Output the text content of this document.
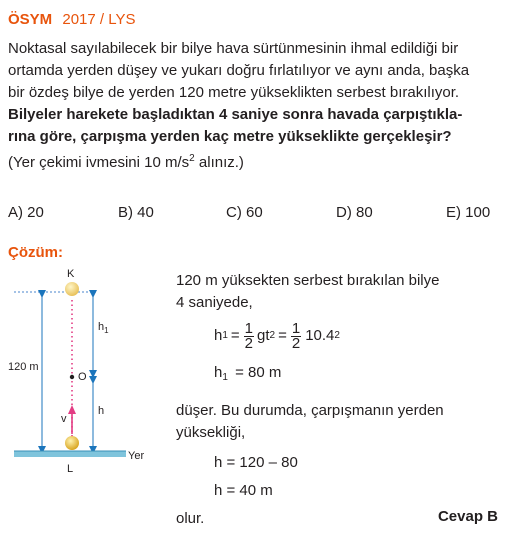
ÖSYM 2017 / LYS

Noktasal sayılabilecek bir bilye hava sürtünmesinin ihmal edildiği bir

ortamda yerden düşey ve yukarı doğru fırlatılıyor ve aynı anda, başka

bir özdeş bilye de yerden 120 metre yükseklikten serbest bırakılıyor.

Bilyeler harekete başladıktan 4 saniye sonra havada çarpıştıkla-

rına göre, çarpışma yerden kaç metre yükseklikte gerçekleşir?

(Yer çekimi ivmesini 10 $m/s^2$ alınız.)

A) 20	B) 40	C) 60	D) 80	E) 100
Çözüm:
K
L
O
120 m
$h_1$
h
v
Yer
120 m yüksekten serbest bırakılan bilye
4 saniyede,
h $1 = \frac{1}{2}$ gt $2 = \frac{1}{2} 10.4$ 2
$h_1 = 80$ m
düşer. Bu durumda, çarpışmanın yerden
yüksekliği,
h = 120 – 80
h = 40 m
olur.	Cevap B
